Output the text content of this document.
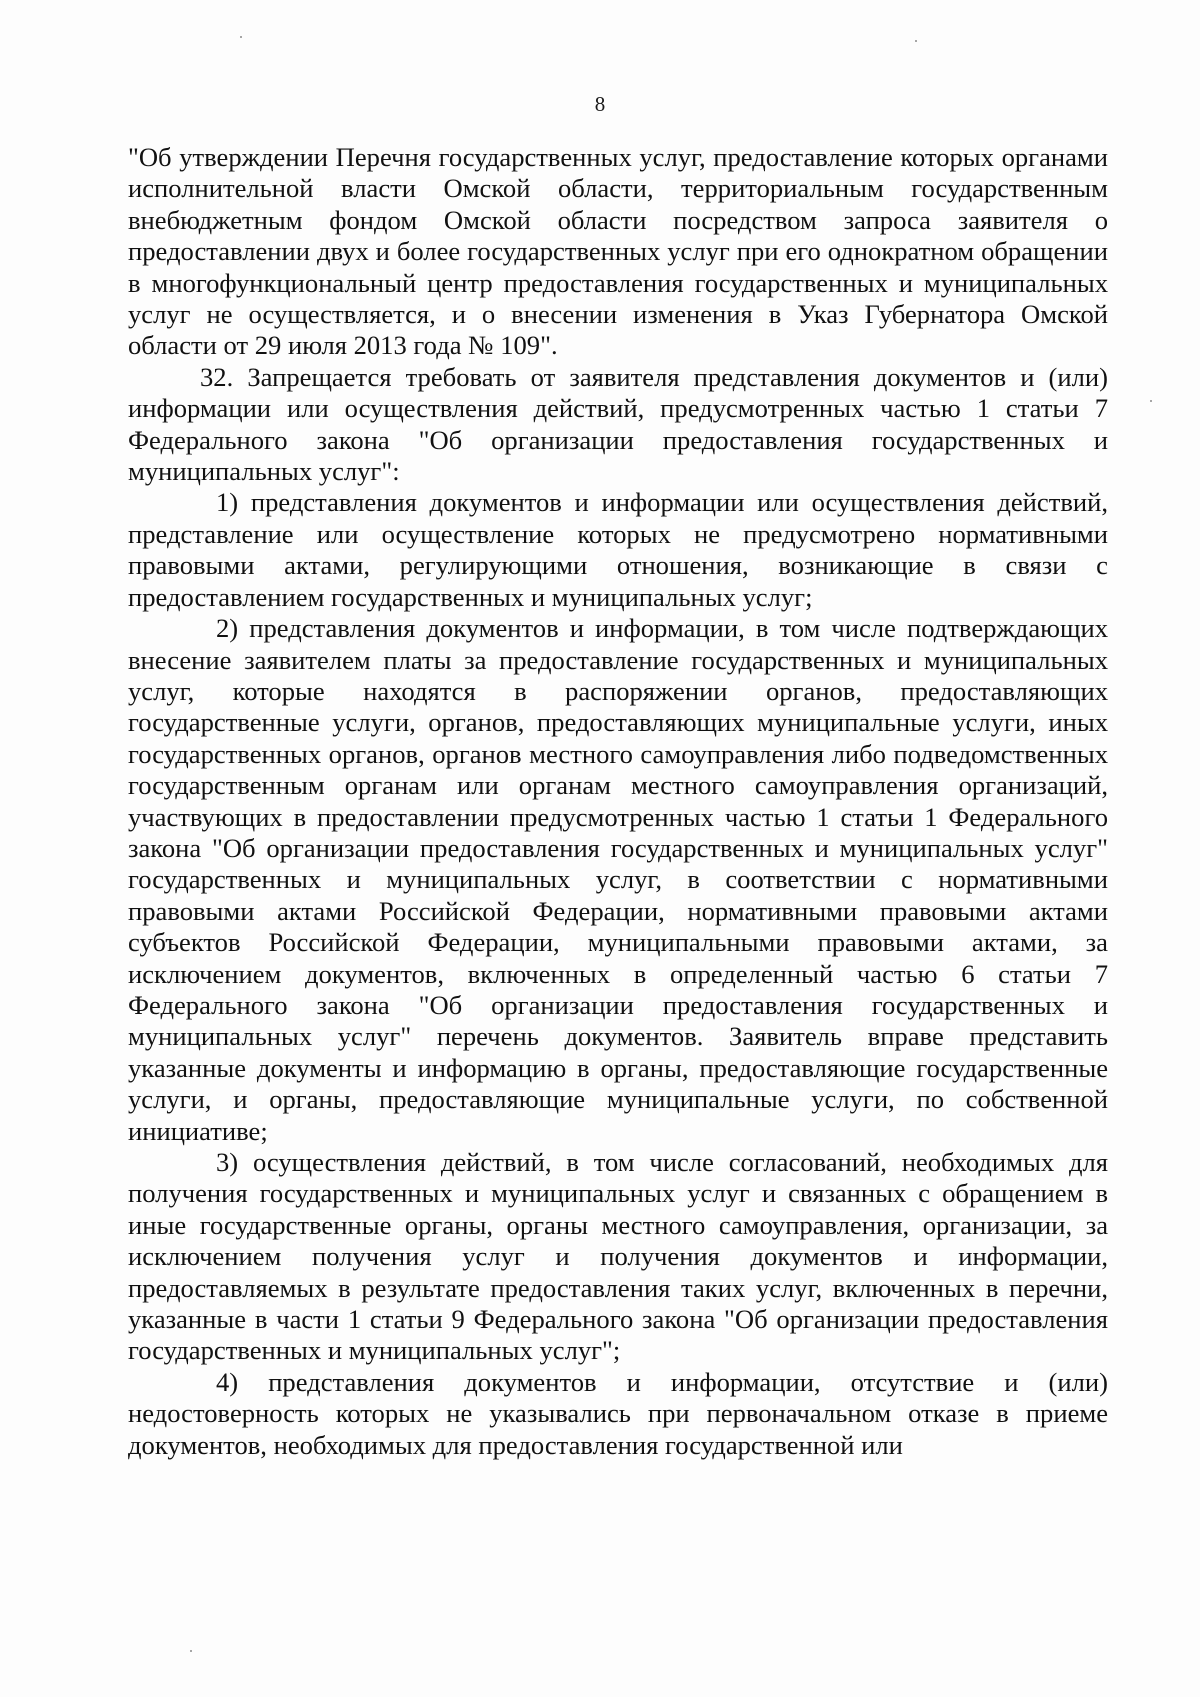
8

"Об утверждении Перечня государственных услуг, предоставление которых органами исполнительной власти Омской области, территориальным государственным внебюджетным фондом Омской области посредством запроса заявителя о предоставлении двух и более государственных услуг при его однократном обращении в многофункциональный центр предоставления государственных и муниципальных услуг не осуществляется, и о внесении изменения в Указ Губернатора Омской области от 29 июля 2013 года № 109".

32. Запрещается требовать от заявителя представления документов и (или) информации или осуществления действий, предусмотренных частью 1 статьи 7 Федерального закона "Об организации предоставления государственных и муниципальных услуг":

1) представления документов и информации или осуществления действий, представление или осуществление которых не предусмотрено нормативными правовыми актами, регулирующими отношения, возникающие в связи с предоставлением государственных и муниципальных услуг;

2) представления документов и информации, в том числе подтверждающих внесение заявителем платы за предоставление государственных и муниципальных услуг, которые находятся в распоряжении органов, предоставляющих государственные услуги, органов, предоставляющих муниципальные услуги, иных государственных органов, органов местного самоуправления либо подведомственных государственным органам или органам местного самоуправления организаций, участвующих в предоставлении предусмотренных частью 1 статьи 1 Федерального закона "Об организации предоставления государственных и муниципальных услуг" государственных и муниципальных услуг, в соответствии с нормативными правовыми актами Российской Федерации, нормативными правовыми актами субъектов Российской Федерации, муниципальными правовыми актами, за исключением документов, включенных в определенный частью 6 статьи 7 Федерального закона "Об организации предоставления государственных и муниципальных услуг" перечень документов. Заявитель вправе представить указанные документы и информацию в органы, предоставляющие государственные услуги, и органы, предоставляющие муниципальные услуги, по собственной инициативе;

3) осуществления действий, в том числе согласований, необходимых для получения государственных и муниципальных услуг и связанных с обращением в иные государственные органы, органы местного самоуправления, организации, за исключением получения услуг и получения документов и информации, предоставляемых в результате предоставления таких услуг, включенных в перечни, указанные в части 1 статьи 9 Федерального закона "Об организации предоставления государственных и муниципальных услуг";

4) представления документов и информации, отсутствие и (или) недостоверность которых не указывались при первоначальном отказе в приеме документов, необходимых для предоставления государственной или
